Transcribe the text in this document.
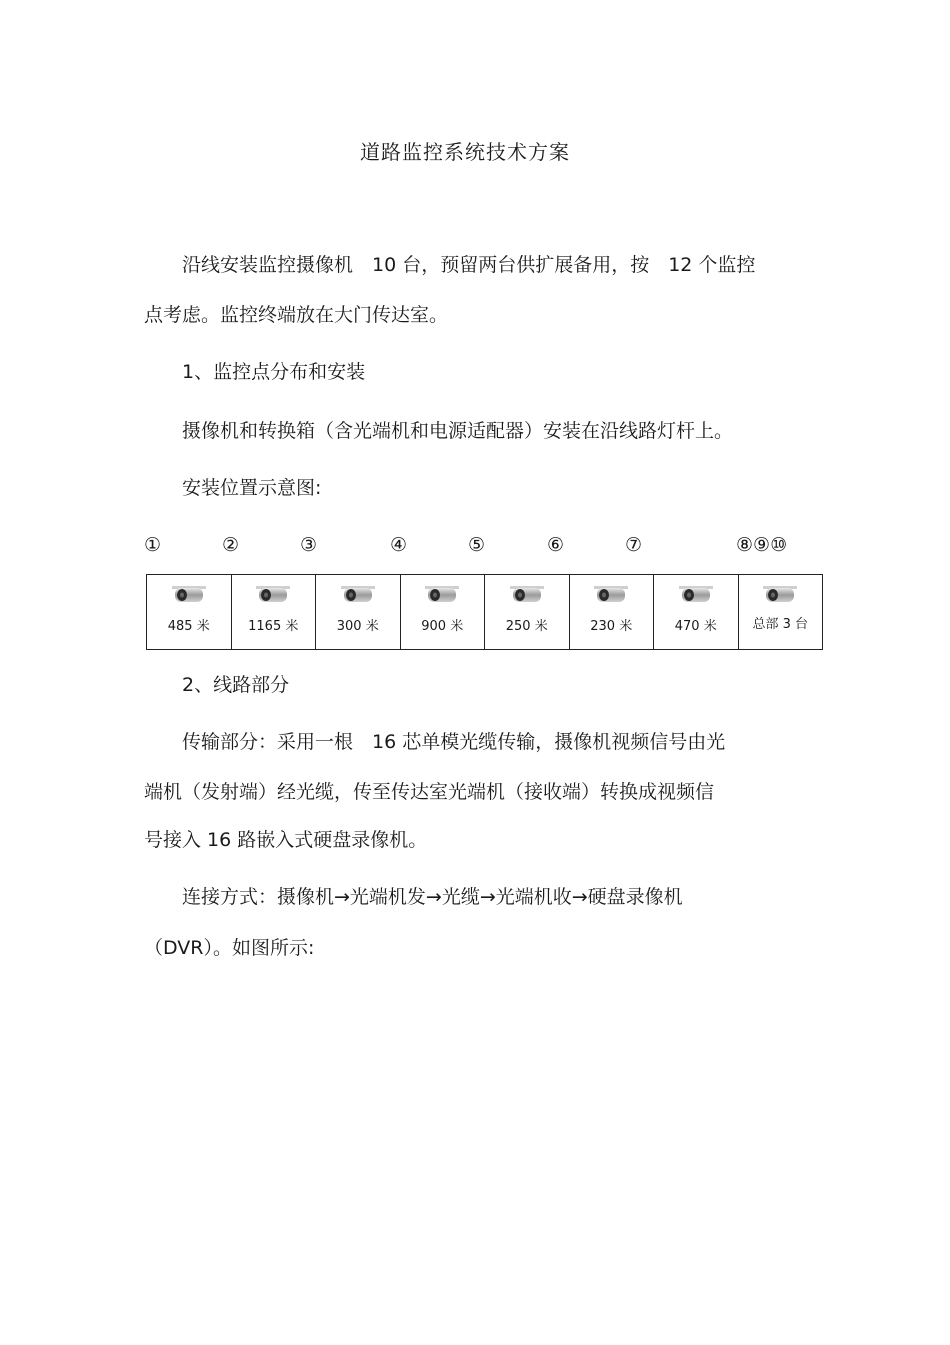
道路监控系统技术方案
沿线安装监控摄像机　10 台，预留两台供扩展备用，按　12 个监控
点考虑。监控终端放在大门传达室。
1、监控点分布和安装
摄像机和转换箱（含光端机和电源适配器）安装在沿线路灯杆上。
安装位置示意图:
①	②	③	④	⑤	⑥	⑦	⑧⑨⑩
485 米	1165 米	300 米	900 米	250 米	230 米	470 米	总部 3 台
2、线路部分
传输部分：采用一根　16 芯单模光缆传输，摄像机视频信号由光
端机（发射端）经光缆，传至传达室光端机（接收端）转换成视频信
号接入 16 路嵌入式硬盘录像机。
连接方式：摄像机→光端机发→光缆→光端机收→硬盘录像机
（DVR）。如图所示:
